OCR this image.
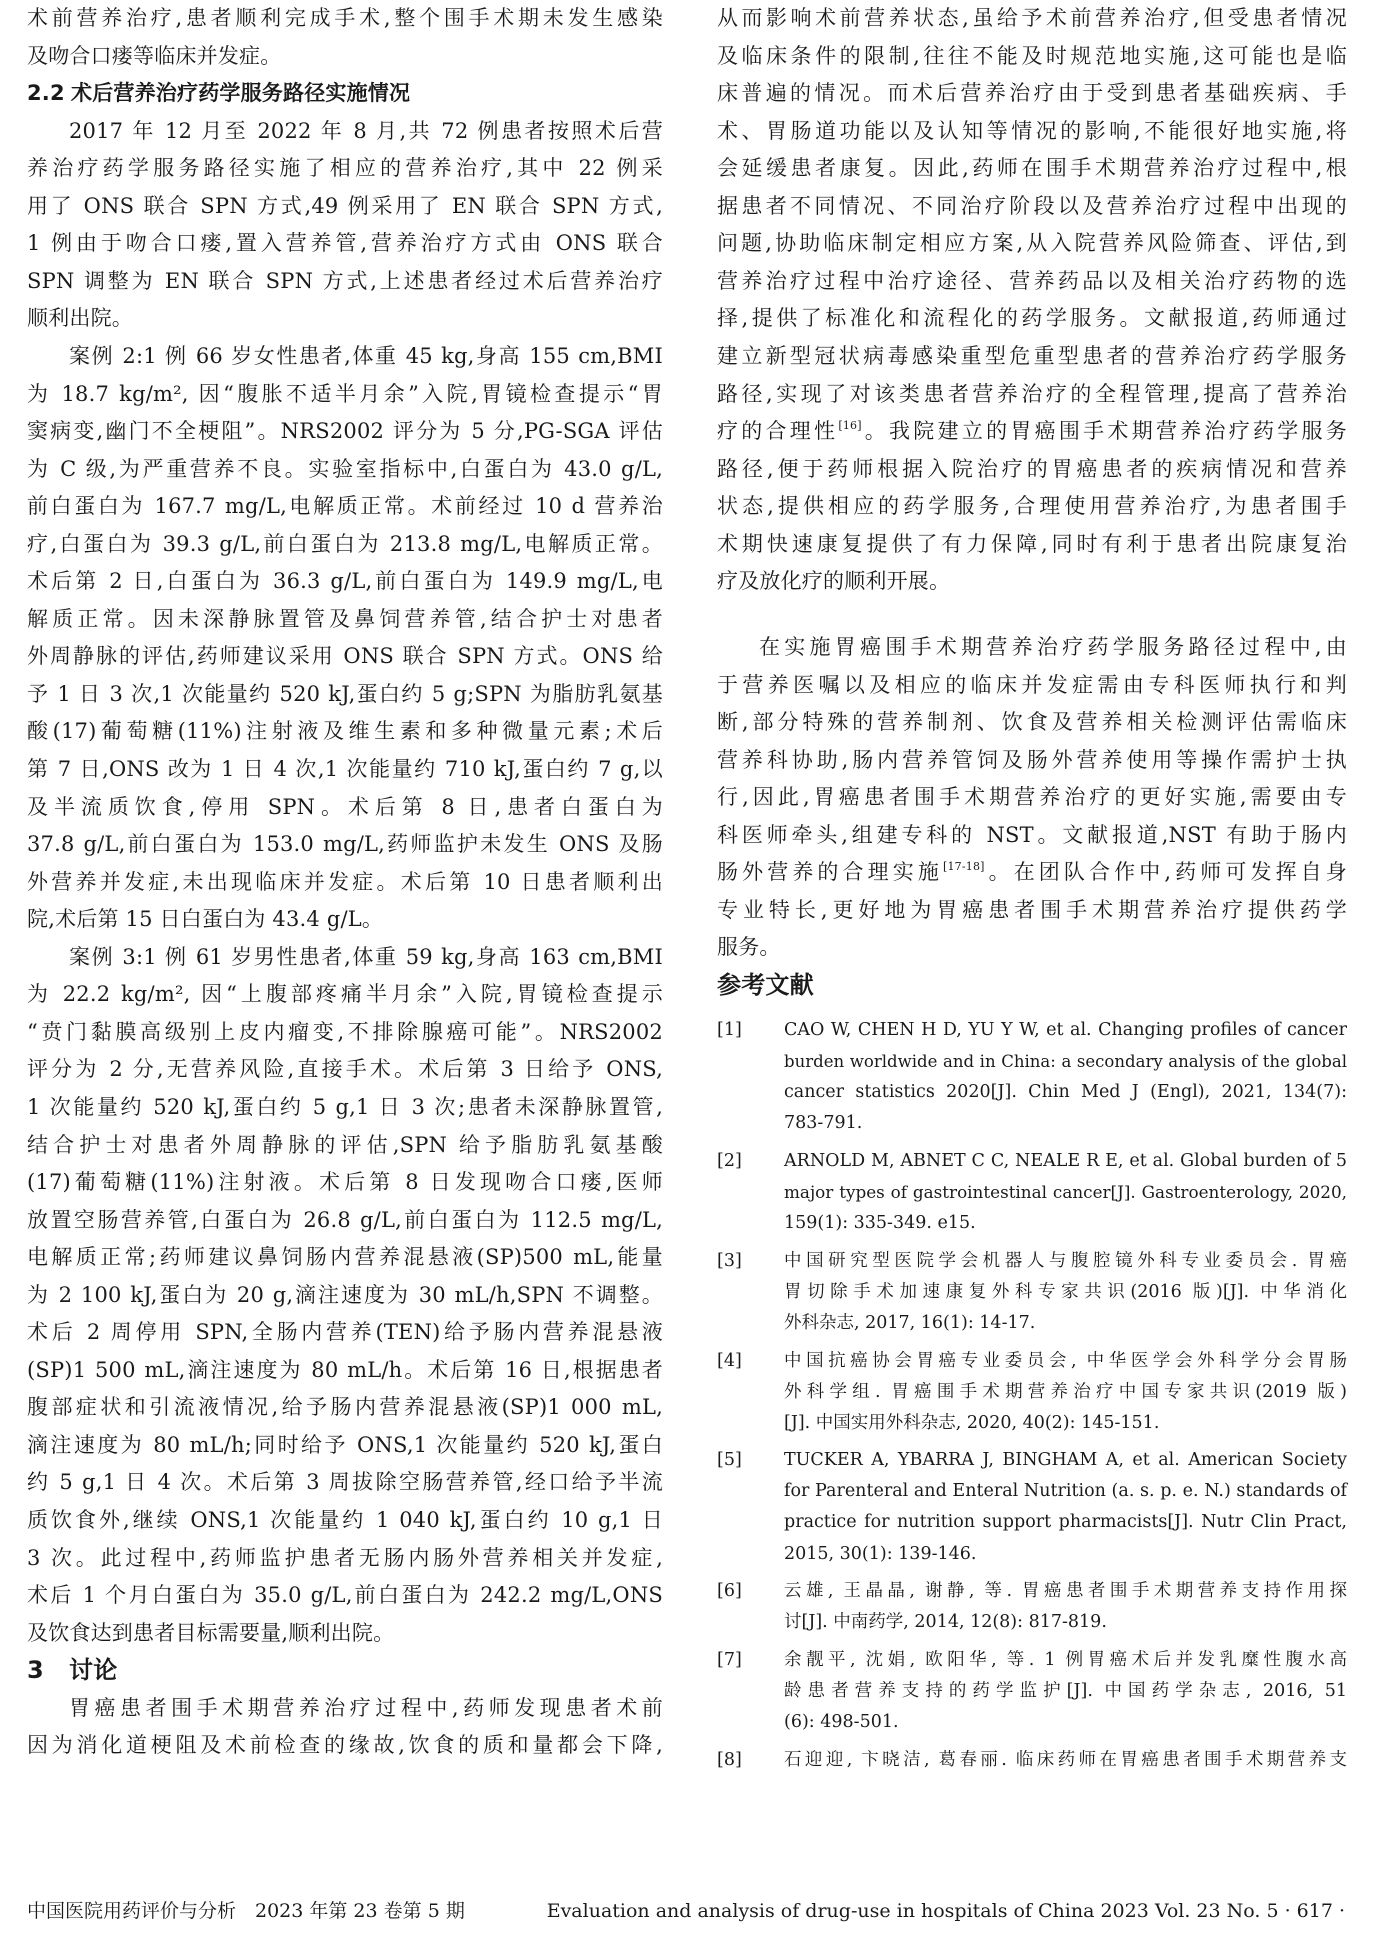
术前营养治疗,患者顺利完成手术,整个围手术期未发生感染
及吻合口瘘等临床并发症。
2.2 术后营养治疗药学服务路径实施情况
2017 年 12 月至 2022 年 8 月,共 72 例患者按照术后营
养治疗药学服务路径实施了相应的营养治疗,其中 22 例采
用了 ONS 联合 SPN 方式,49 例采用了 EN 联合 SPN 方式,
1 例由于吻合口瘘,置入营养管,营养治疗方式由 ONS 联合
SPN 调整为 EN 联合 SPN 方式,上述患者经过术后营养治疗
顺利出院。
案例 2:1 例 66 岁女性患者,体重 45 kg,身高 155 cm,BMI
为 18.7 kg/m², 因“腹胀不适半月余”入院,胃镜检查提示“胃
窦病变,幽门不全梗阻”。NRS2002 评分为 5 分,PG-SGA 评估
为 C 级,为严重营养不良。实验室指标中,白蛋白为 43.0 g/L,
前白蛋白为 167.7 mg/L,电解质正常。术前经过 10 d 营养治
疗,白蛋白为 39.3 g/L,前白蛋白为 213.8 mg/L,电解质正常。
术后第 2 日,白蛋白为 36.3 g/L,前白蛋白为 149.9 mg/L,电
解质正常。因未深静脉置管及鼻饲营养管,结合护士对患者
外周静脉的评估,药师建议采用 ONS 联合 SPN 方式。ONS 给
予 1 日 3 次,1 次能量约 520 kJ,蛋白约 5 g;SPN 为脂肪乳氨基
酸(17)葡萄糖(11%)注射液及维生素和多种微量元素;术后
第 7 日,ONS 改为 1 日 4 次,1 次能量约 710 kJ,蛋白约 7 g,以
及半流质饮食,停用 SPN。术后第 8 日,患者白蛋白为
37.8 g/L,前白蛋白为 153.0 mg/L,药师监护未发生 ONS 及肠
外营养并发症,未出现临床并发症。术后第 10 日患者顺利出
院,术后第 15 日白蛋白为 43.4 g/L。
案例 3:1 例 61 岁男性患者,体重 59 kg,身高 163 cm,BMI
为 22.2 kg/m², 因“上腹部疼痛半月余”入院,胃镜检查提示
“贲门黏膜高级别上皮内瘤变,不排除腺癌可能”。NRS2002
评分为 2 分,无营养风险,直接手术。术后第 3 日给予 ONS,
1 次能量约 520 kJ,蛋白约 5 g,1 日 3 次;患者未深静脉置管,
结合护士对患者外周静脉的评估,SPN 给予脂肪乳氨基酸
(17)葡萄糖(11%)注射液。术后第 8 日发现吻合口瘘,医师
放置空肠营养管,白蛋白为 26.8 g/L,前白蛋白为 112.5 mg/L,
电解质正常;药师建议鼻饲肠内营养混悬液(SP)500 mL,能量
为 2 100 kJ,蛋白为 20 g,滴注速度为 30 mL/h,SPN 不调整。
术后 2 周停用 SPN,全肠内营养(TEN)给予肠内营养混悬液
(SP)1 500 mL,滴注速度为 80 mL/h。术后第 16 日,根据患者
腹部症状和引流液情况,给予肠内营养混悬液(SP)1 000 mL,
滴注速度为 80 mL/h;同时给予 ONS,1 次能量约 520 kJ,蛋白
约 5 g,1 日 4 次。术后第 3 周拔除空肠营养管,经口给予半流
质饮食外,继续 ONS,1 次能量约 1 040 kJ,蛋白约 10 g,1 日
3 次。此过程中,药师监护患者无肠内肠外营养相关并发症,
术后 1 个月白蛋白为 35.0 g/L,前白蛋白为 242.2 mg/L,ONS
及饮食达到患者目标需要量,顺利出院。
3 讨论
胃癌患者围手术期营养治疗过程中,药师发现患者术前
因为消化道梗阻及术前检查的缘故,饮食的质和量都会下降,
从而影响术前营养状态,虽给予术前营养治疗,但受患者情况
及临床条件的限制,往往不能及时规范地实施,这可能也是临
床普遍的情况。而术后营养治疗由于受到患者基础疾病、手
术、胃肠道功能以及认知等情况的影响,不能很好地实施,将
会延缓患者康复。因此,药师在围手术期营养治疗过程中,根
据患者不同情况、不同治疗阶段以及营养治疗过程中出现的
问题,协助临床制定相应方案,从入院营养风险筛查、评估,到
营养治疗过程中治疗途径、营养药品以及相关治疗药物的选
择,提供了标准化和流程化的药学服务。文献报道,药师通过
建立新型冠状病毒感染重型危重型患者的营养治疗药学服务
路径,实现了对该类患者营养治疗的全程管理,提高了营养治
疗的合理性[16]。我院建立的胃癌围手术期营养治疗药学服务
路径,便于药师根据入院治疗的胃癌患者的疾病情况和营养
状态,提供相应的药学服务,合理使用营养治疗,为患者围手
术期快速康复提供了有力保障,同时有利于患者出院康复治
疗及放化疗的顺利开展。
在实施胃癌围手术期营养治疗药学服务路径过程中,由
于营养医嘱以及相应的临床并发症需由专科医师执行和判
断,部分特殊的营养制剂、饮食及营养相关检测评估需临床
营养科协助,肠内营养管饲及肠外营养使用等操作需护士执
行,因此,胃癌患者围手术期营养治疗的更好实施,需要由专
科医师牵头,组建专科的 NST。文献报道,NST 有助于肠内
肠外营养的合理实施[17-18]。在团队合作中,药师可发挥自身
专业特长,更好地为胃癌患者围手术期营养治疗提供药学
服务。
参考文献
[1]	CAO W, CHEN H D, YU Y W, et al. Changing profiles of cancer
burden worldwide and in China: a secondary analysis of the global
cancer statistics 2020[J]. Chin Med J (Engl), 2021, 134(7):
783-791.
[2]	ARNOLD M, ABNET C C, NEALE R E, et al. Global burden of 5
major types of gastrointestinal cancer[J]. Gastroenterology, 2020,
159(1): 335-349. e15.
[3]	中国研究型医院学会机器人与腹腔镜外科专业委员会. 胃癌
胃切除手术加速康复外科专家共识(2016 版)[J]. 中华消化
外科杂志, 2017, 16(1): 14-17.
[4]	中国抗癌协会胃癌专业委员会, 中华医学会外科学分会胃肠
外科学组. 胃癌围手术期营养治疗中国专家共识(2019 版)
[J]. 中国实用外科杂志, 2020, 40(2): 145-151.
[5]	TUCKER A, YBARRA J, BINGHAM A, et al. American Society
for Parenteral and Enteral Nutrition (a. s. p. e. N.) standards of
practice for nutrition support pharmacists[J]. Nutr Clin Pract,
2015, 30(1): 139-146.
[6]	云雄, 王晶晶, 谢静, 等. 胃癌患者围手术期营养支持作用探
讨[J]. 中南药学, 2014, 12(8): 817-819.
[7]	余靓平, 沈娟, 欧阳华, 等. 1 例胃癌术后并发乳糜性腹水高
龄患者营养支持的药学监护[J]. 中国药学杂志, 2016, 51
(6): 498-501.
[8]	石迎迎, 卞晓洁, 葛春丽. 临床药师在胃癌患者围手术期营养支
中国医院用药评价与分析　2023 年第 23 卷第 5 期	Evaluation and analysis of drug-use in hospitals of China 2023 Vol. 23 No. 5 · 617 ·
